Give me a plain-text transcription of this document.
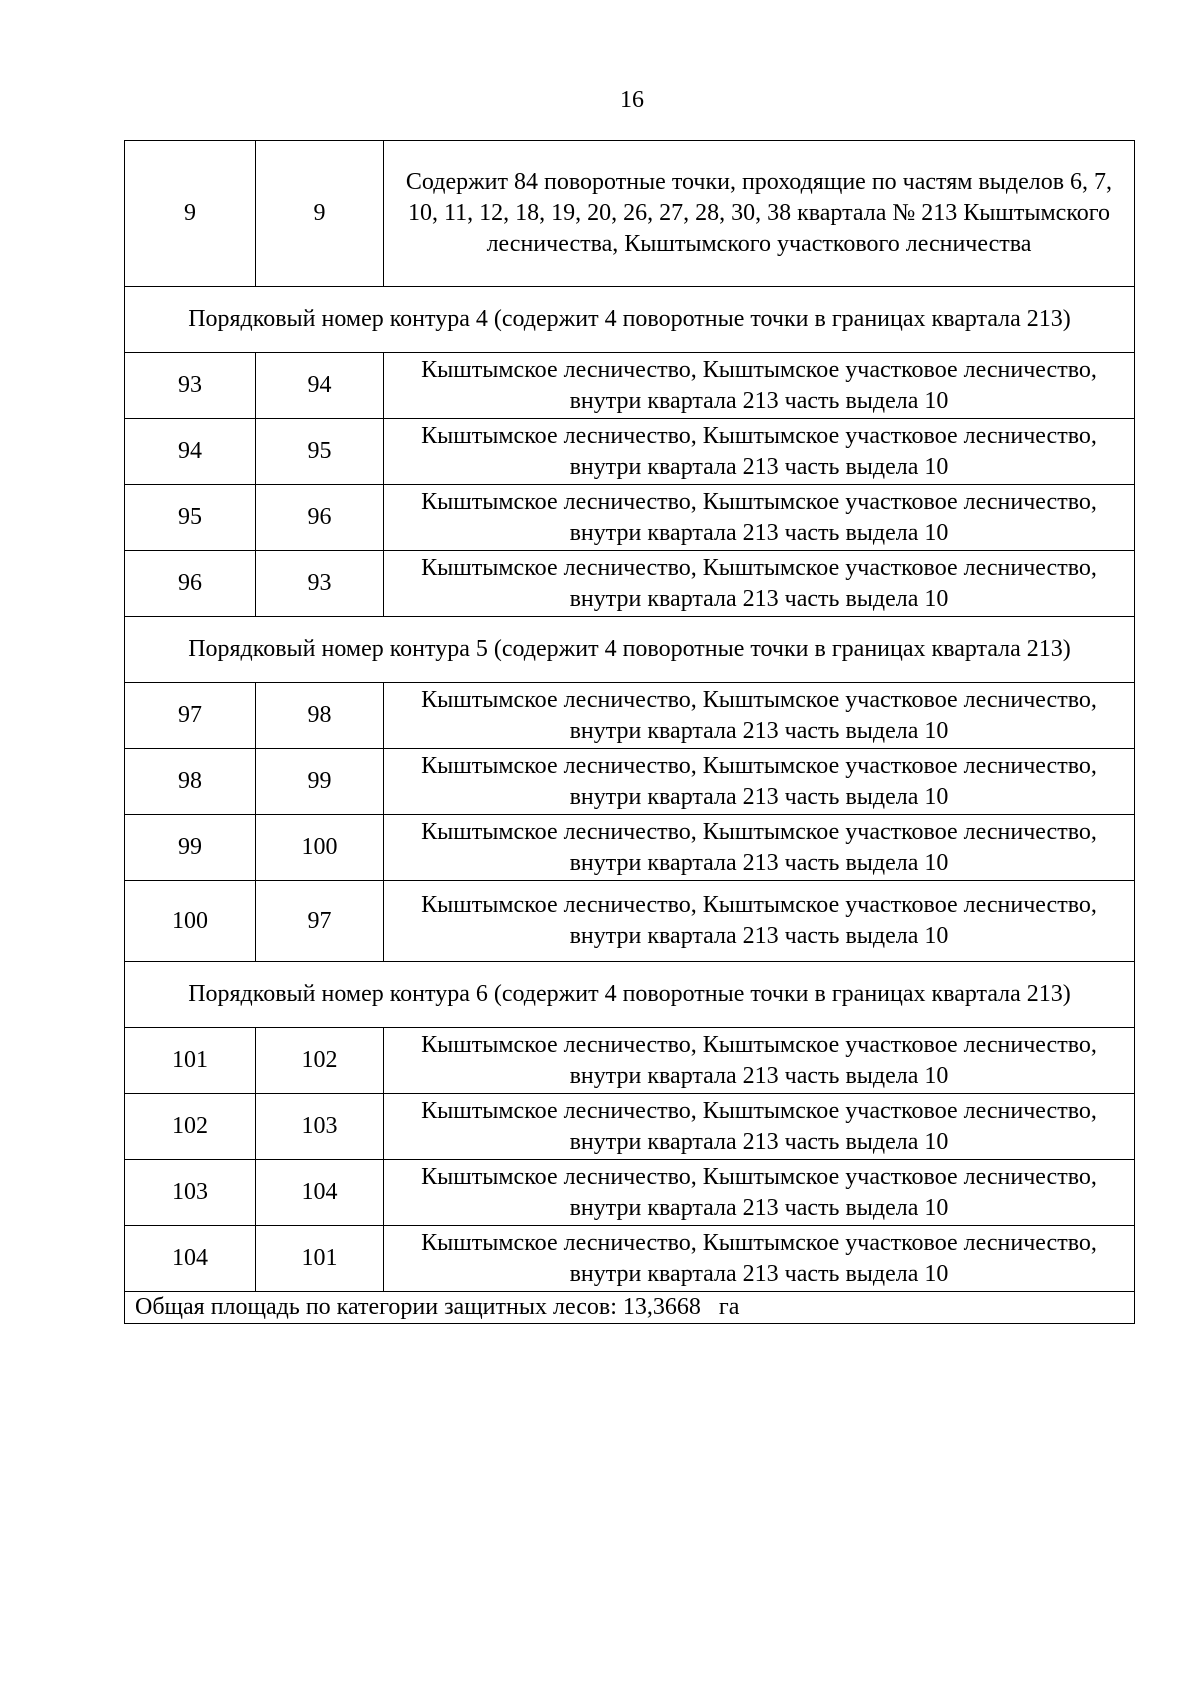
16
9	9	Содержит 84 поворотные точки, проходящие по частям выделов 6, 7, 10, 11, 12, 18, 19, 20, 26, 27, 28, 30, 38 квартала № 213 Кыштымского лесничества, Кыштымского участкового лесничества
Порядковый номер контура 4 (содержит 4 поворотные точки в границах квартала 213)		
93	94	Кыштымское лесничество, Кыштымское участковое лесничество, внутри квартала 213 часть выдела 10
94	95	Кыштымское лесничество, Кыштымское участковое лесничество, внутри квартала 213 часть выдела 10
95	96	Кыштымское лесничество, Кыштымское участковое лесничество, внутри квартала 213 часть выдела 10
96	93	Кыштымское лесничество, Кыштымское участковое лесничество, внутри квартала 213 часть выдела 10
Порядковый номер контура 5 (содержит 4 поворотные точки в границах квартала 213)		
97	98	Кыштымское лесничество, Кыштымское участковое лесничество, внутри квартала 213 часть выдела 10
98	99	Кыштымское лесничество, Кыштымское участковое лесничество, внутри квартала 213 часть выдела 10
99	100	Кыштымское лесничество, Кыштымское участковое лесничество, внутри квартала 213 часть выдела 10
100	97	Кыштымское лесничество, Кыштымское участковое лесничество, внутри квартала 213 часть выдела 10
Порядковый номер контура 6 (содержит 4 поворотные точки в границах квартала 213)		
101	102	Кыштымское лесничество, Кыштымское участковое лесничество, внутри квартала 213 часть выдела 10
102	103	Кыштымское лесничество, Кыштымское участковое лесничество, внутри квартала 213 часть выдела 10
103	104	Кыштымское лесничество, Кыштымское участковое лесничество, внутри квартала 213 часть выдела 10
104	101	Кыштымское лесничество, Кыштымское участковое лесничество, внутри квартала 213 часть выдела 10
Общая площадь по категории защитных лесов: 13,3668   га		
